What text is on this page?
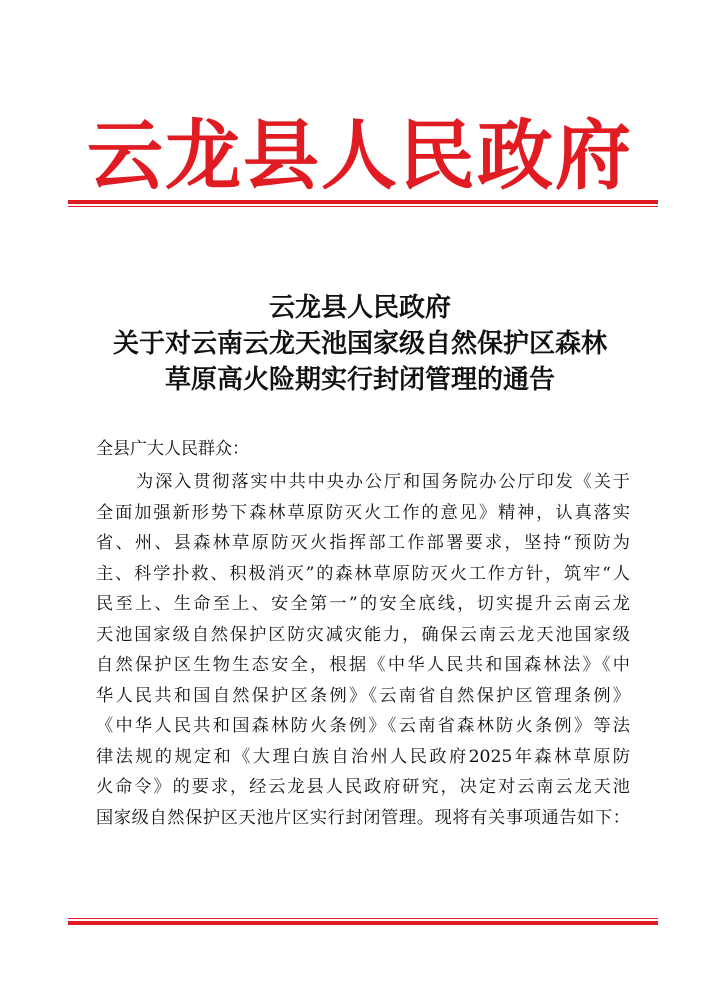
云龙县人民政府
云龙县人民政府
关于对云南云龙天池国家级自然保护区森林
草原高火险期实行封闭管理的通告
全县广大人民群众：
为深入贯彻落实中共中央办公厅和国务院办公厅印发《关于
全面加强新形势下森林草原防灭火工作的意见》精神，认真落实
省、州、县森林草原防灭火指挥部工作部署要求，坚持“预防为
主、科学扑救、积极消灭”的森林草原防灭火工作方针，筑牢“人
民至上、生命至上、安全第一”的安全底线，切实提升云南云龙
天池国家级自然保护区防灾减灾能力，确保云南云龙天池国家级
自然保护区生物生态安全，根据《中华人民共和国森林法》《中
华人民共和国自然保护区条例》《云南省自然保护区管理条例》
《中华人民共和国森林防火条例》《云南省森林防火条例》等法
律法规的规定和《大理白族自治州人民政府2025年森林草原防
火命令》的要求，经云龙县人民政府研究，决定对云南云龙天池
国家级自然保护区天池片区实行封闭管理。现将有关事项通告如下：
